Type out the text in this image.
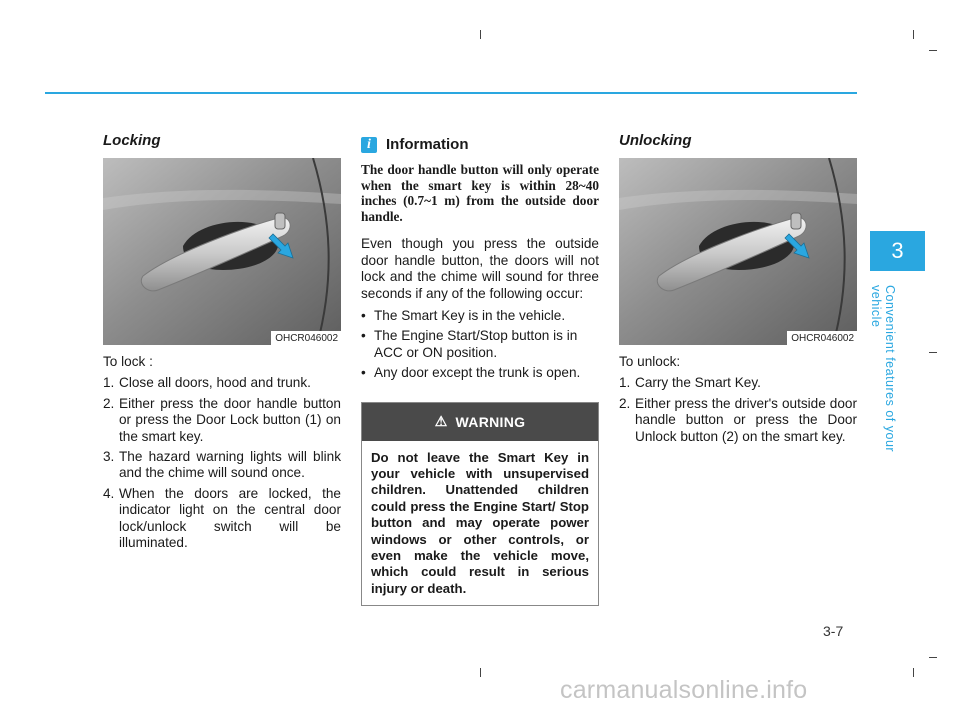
Locking
OHCR046002
To lock :
1. Close all doors, hood and trunk.
2. Either press the door handle button or press the Door Lock button (1) on the smart key.
3. The hazard warning lights will blink and the chime will sound once.
4. When the doors are locked, the indicator light on the central door lock/unlock switch will be illuminated.
i	Information
The door handle button will only operate when the smart key is within 28~40 inches (0.7~1 m) from the outside door handle.
Even though you press the outside door handle button, the doors will not lock and the chime will sound for three seconds if any of the following occur:
• The Smart Key is in the vehicle.
• The Engine Start/Stop button is in ACC or ON position.
• Any door except the trunk is open.
⚠ WARNING
Do not leave the Smart Key in your vehicle with unsupervised children. Unattended children could press the Engine Start/ Stop button and may operate power windows or other controls, or even make the vehicle move, which could result in serious injury or death.
Unlocking
OHCR046002
To unlock:
1. Carry the Smart Key.
2. Either press the driver's outside door handle button or press the Door Unlock button (2) on the smart key.
3
Convenient features of your vehicle
3-7
carmanualsonline.info
